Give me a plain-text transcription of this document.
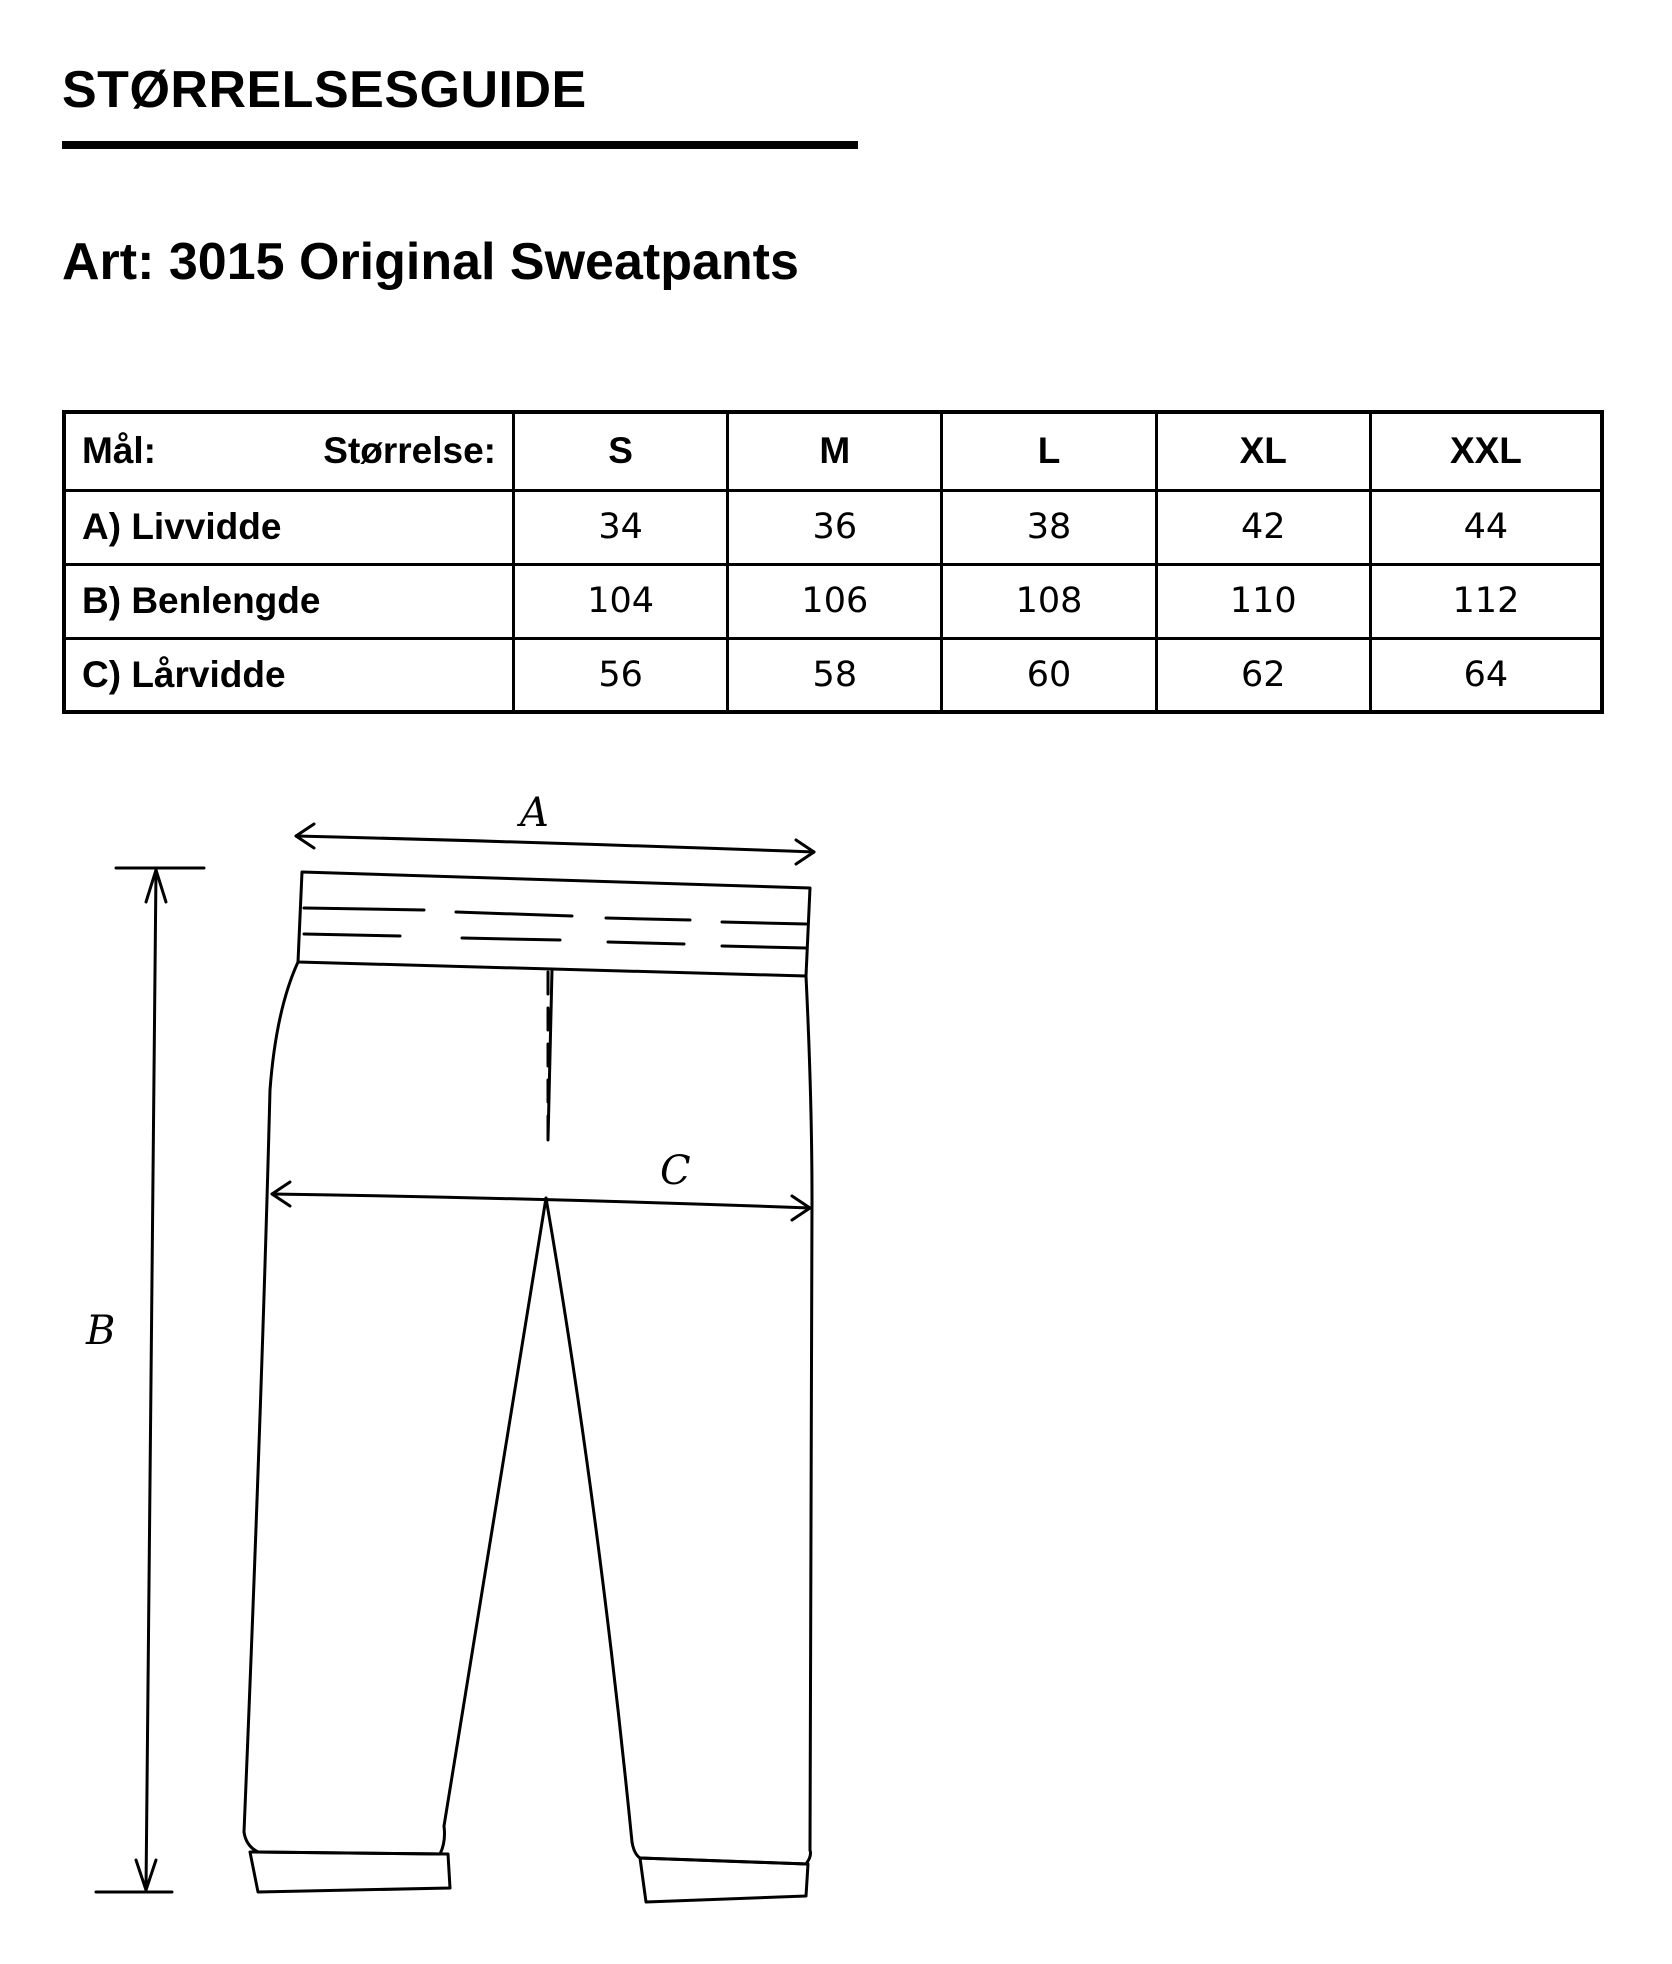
STØRRELSESGUIDE
Art: 3015 Original Sweatpants
Mål: Størrelse:	S	M	L	XL	XXL
A) Livvidde	34	36	38	42	44
B) Benlengde	104	106	108	110	112
C) Lårvidde	56	58	60	62	64
A
C
B
